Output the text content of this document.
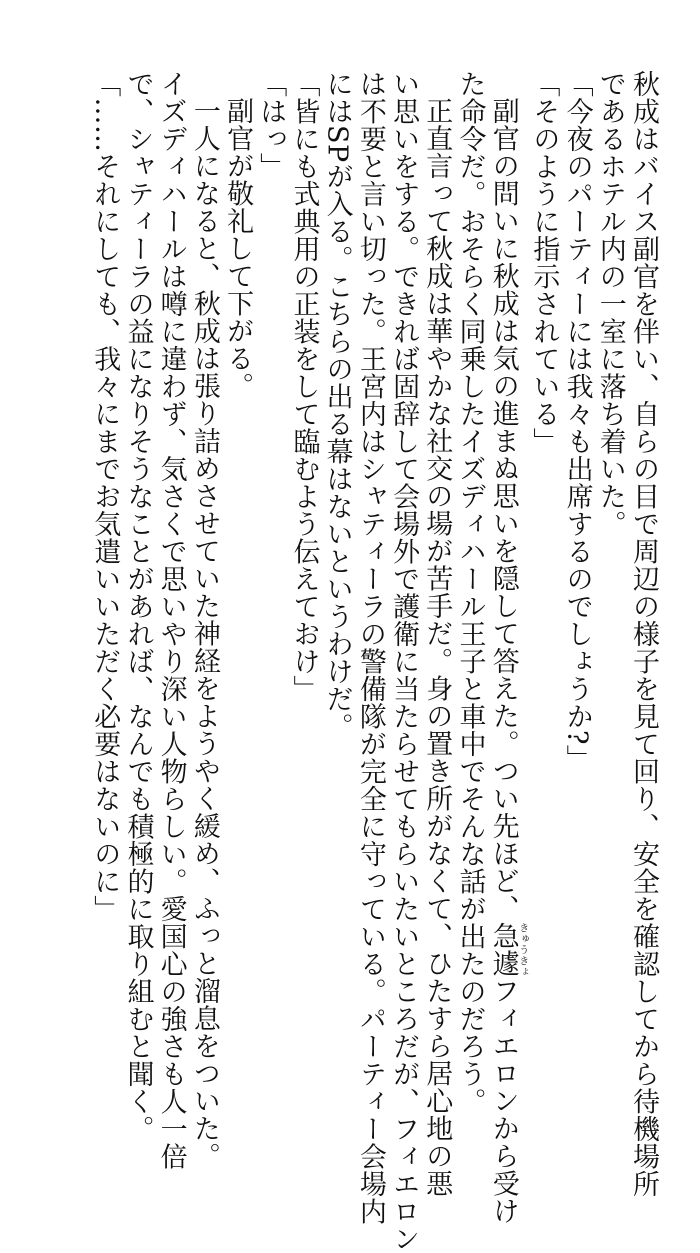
秋成はバイス副官を伴い、自らの目で周辺の様子を見て回り、安全を確認してから待機場所
であるホテル内の一室に落ち着いた。
「今夜のパーティーには我々も出席するのでしょうか?」
「そのように指示されている」
副官の問いに秋成は気の進まぬ思いを隠して答えた。つい先ほど、急遽きゅうきょフィエロンから受け
た命令だ。おそらく同乗したイズディハール王子と車中でそんな話が出たのだろう。
正直言って秋成は華やかな社交の場が苦手だ。身の置き所がなくて、ひたすら居心地の悪
い思いをする。できれば固辞して会場外で護衛に当たらせてもらいたいところだが、フィエロン
は不要と言い切った。王宮内はシャティーラの警備隊が完全に守っている。パーティー会場内
にはSPが入る。こちらの出る幕はないというわけだ。
「皆にも式典用の正装をして臨むよう伝えておけ」
「はっ」
副官が敬礼して下がる。
一人になると、秋成は張り詰めさせていた神経をようやく緩め、ふっと溜息をついた。
イズディハールは噂に違わず、気さくで思いやり深い人物らしい。愛国心の強さも人一倍
で、シャティーラの益になりそうなことがあれば、なんでも積極的に取り組むと聞く。
「……それにしても、我々にまでお気遣いいただく必要はないのに」
